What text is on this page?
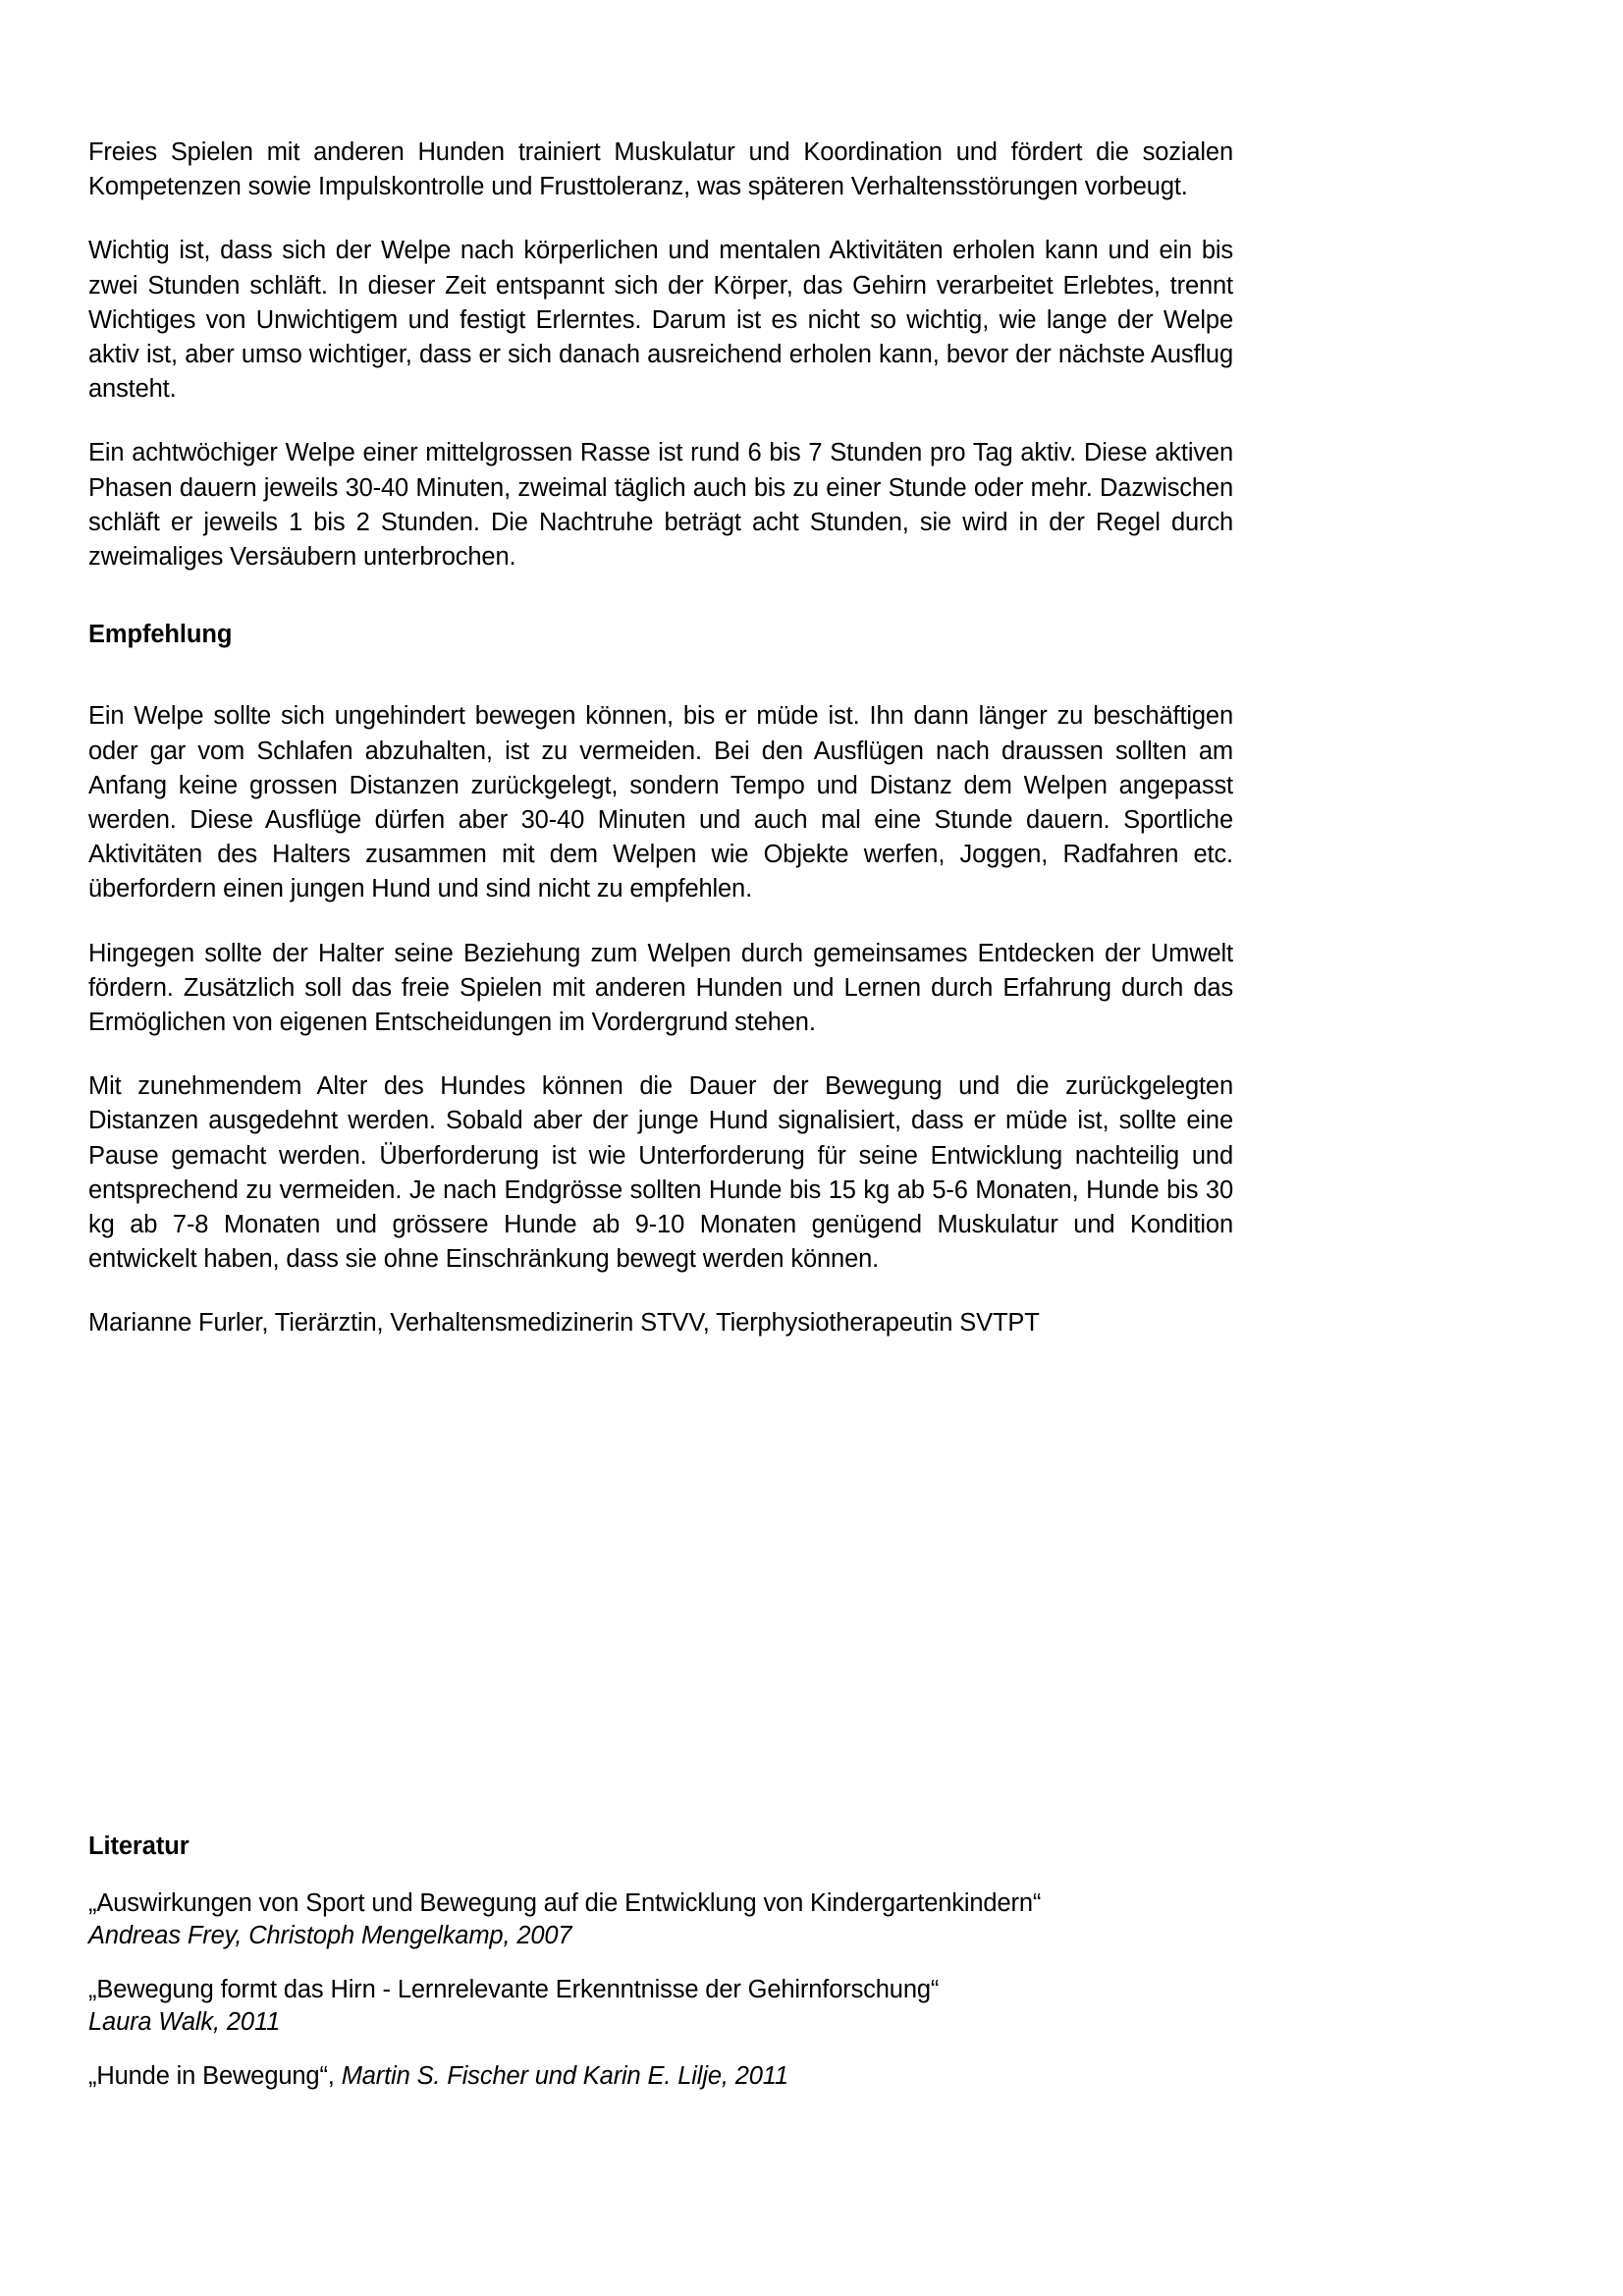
Freies Spielen mit anderen Hunden trainiert Muskulatur und Koordination und fördert die sozialen Kompetenzen sowie Impulskontrolle und Frusttoleranz, was späteren Verhaltensstörungen vorbeugt.

Wichtig ist, dass sich der Welpe nach körperlichen und mentalen Aktivitäten erholen kann und ein bis zwei Stunden schläft. In dieser Zeit entspannt sich der Körper, das Gehirn verarbeitet Erlebtes, trennt Wichtiges von Unwichtigem und festigt Erlerntes. Darum ist es nicht so wichtig, wie lange der Welpe aktiv ist, aber umso wichtiger, dass er sich danach ausreichend erholen kann, bevor der nächste Ausflug ansteht.

Ein achtwöchiger Welpe einer mittelgrossen Rasse ist rund 6 bis 7 Stunden pro Tag aktiv. Diese aktiven Phasen dauern jeweils 30-40 Minuten, zweimal täglich auch bis zu einer Stunde oder mehr. Dazwischen schläft er jeweils 1 bis 2 Stunden. Die Nachtruhe beträgt acht Stunden, sie wird in der Regel durch zweimaliges Versäubern unterbrochen.

Empfehlung

Ein Welpe sollte sich ungehindert bewegen können, bis er müde ist. Ihn dann länger zu beschäftigen oder gar vom Schlafen abzuhalten, ist zu vermeiden. Bei den Ausflügen nach draussen sollten am Anfang keine grossen Distanzen zurückgelegt, sondern Tempo und Distanz dem Welpen angepasst werden. Diese Ausflüge dürfen aber 30-40 Minuten und auch mal eine Stunde dauern. Sportliche Aktivitäten des Halters zusammen mit dem Welpen wie Objekte werfen, Joggen, Radfahren etc. überfordern einen jungen Hund und sind nicht zu empfehlen.

Hingegen sollte der Halter seine Beziehung zum Welpen durch gemeinsames Entdecken der Umwelt fördern. Zusätzlich soll das freie Spielen mit anderen Hunden und Lernen durch Erfahrung durch das Ermöglichen von eigenen Entscheidungen im Vordergrund stehen.

Mit zunehmendem Alter des Hundes können die Dauer der Bewegung und die zurückgelegten Distanzen ausgedehnt werden. Sobald aber der junge Hund signalisiert, dass er müde ist, sollte eine Pause gemacht werden. Überforderung ist wie Unterforderung für seine Entwicklung nachteilig und entsprechend zu vermeiden. Je nach Endgrösse sollten Hunde bis 15 kg ab 5-6 Monaten, Hunde bis 30 kg ab 7-8 Monaten und grössere Hunde ab 9-10 Monaten genügend Muskulatur und Kondition entwickelt haben, dass sie ohne Einschränkung bewegt werden können.

Marianne Furler, Tierärztin, Verhaltensmedizinerin STVV, Tierphysiotherapeutin SVTPT

Literatur
„Auswirkungen von Sport und Bewegung auf die Entwicklung von Kindergartenkindern“
Andreas Frey, Christoph Mengelkamp, 2007
„Bewegung formt das Hirn - Lernrelevante Erkenntnisse der Gehirnforschung“
Laura Walk, 2011
„Hunde in Bewegung“, Martin S. Fischer und Karin E. Lilje, 2011
